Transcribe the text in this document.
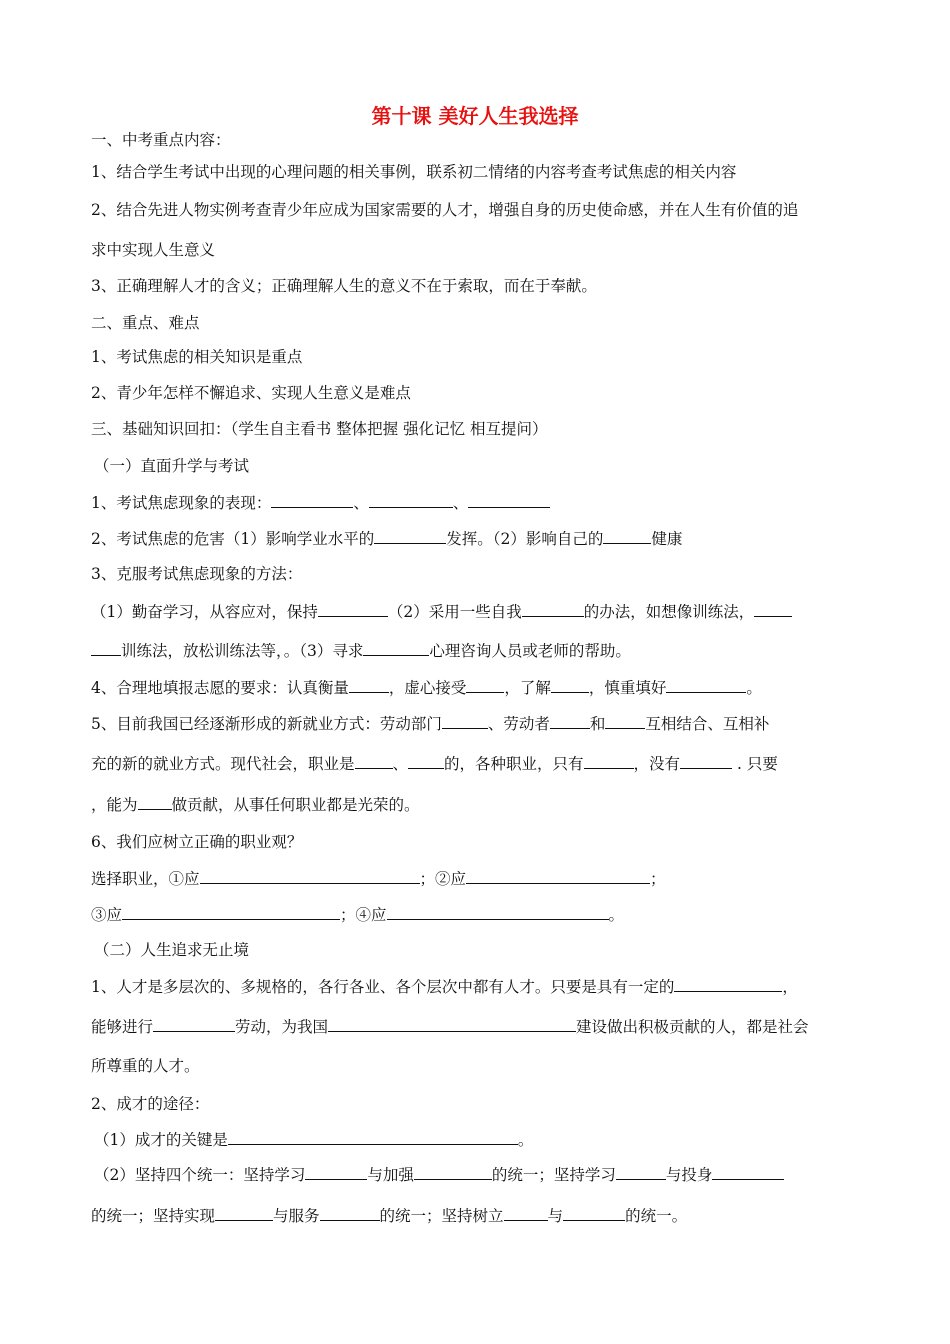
第十课 美好人生我选择
一、中考重点内容：
1、结合学生考试中出现的心理问题的相关事例，联系初二情绪的内容考查考试焦虑的相关内容
2、结合先进人物实例考查青少年应成为国家需要的人才，增强自身的历史使命感，并在人生有价值的追
求中实现人生意义
3、正确理解人才的含义；正确理解人生的意义不在于索取，而在于奉献。
二、重点、难点
1、考试焦虑的相关知识是重点
2、青少年怎样不懈追求、实现人生意义是难点
三、基础知识回扣：（学生自主看书 整体把握 强化记忆 相互提问）
（一）直面升学与考试
1、考试焦虑现象的表现：	、	、
2、考试焦虑的危害（1）影响学业水平的	发挥。（2）影响自己的	健康
3、克服考试焦虑现象的方法：
（1）勤奋学习，从容应对，保持	（2）采用一些自我	的办法，如想像训练法，
训练法，放松训练法等，。（3）寻求	心理咨询人员或老师的帮助。
4、合理地填报志愿的要求：认真衡量	，虚心接受 ，了解 ，慎重填好	。
5、目前我国已经逐渐形成的新就业方式：劳动部门	、劳动者	和	互相结合、互相补
充的新的就业方式。现代社会，职业是 、 的，各种职业，只有	，没有	. 只要
，能为 做贡献，从事任何职业都是光荣的。
6、我们应树立正确的职业观？
选择职业，①应	；②应	；
③应	；④应	。
（二）人生追求无止境
1、人才是多层次的、多规格的，各行各业、各个层次中都有人才。只要是具有一定的	，
能够进行	劳动，为我国	建设做出积极贡献的人，都是社会
所尊重的人才。
2、成才的途径：
（1）成才的关键是	。
（2）坚持四个统一：坚持学习	与加强	的统一；坚持学习	与投身
的统一；坚持实现	与服务	的统一；坚持树立	与	的统一。
